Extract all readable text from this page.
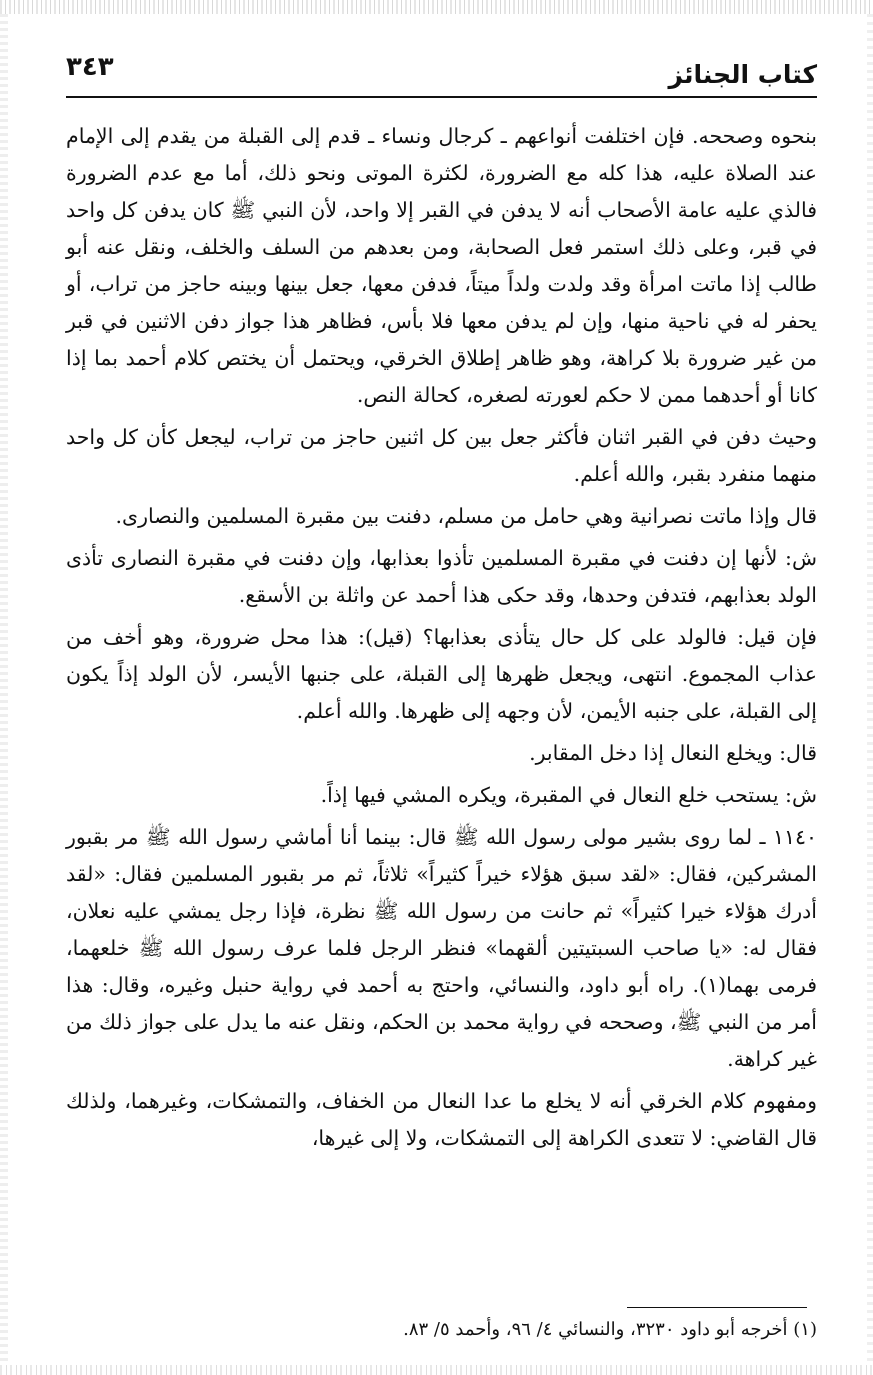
كتاب الجنائز
٣٤٣

بنحوه وصححه. فإن اختلفت أنواعهم ـ كرجال ونساء ـ قدم إلى القبلة من يقدم إلى الإمام عند الصلاة عليه، هذا كله مع الضرورة، لكثرة الموتى ونحو ذلك، أما مع عدم الضرورة فالذي عليه عامة الأصحاب أنه لا يدفن في القبر إلا واحد، لأن النبي ﷺ كان يدفن كل واحد في قبر، وعلى ذلك استمر فعل الصحابة، ومن بعدهم من السلف والخلف، ونقل عنه أبو طالب إذا ماتت امرأة وقد ولدت ولداً ميتاً، فدفن معها، جعل بينها وبينه حاجز من تراب، أو يحفر له في ناحية منها، وإن لم يدفن معها فلا بأس، فظاهر هذا جواز دفن الاثنين في قبر من غير ضرورة بلا كراهة، وهو ظاهر إطلاق الخرقي، ويحتمل أن يختص كلام أحمد بما إذا كانا أو أحدهما ممن لا حكم لعورته لصغره، كحالة النص.

وحيث دفن في القبر اثنان فأكثر جعل بين كل اثنين حاجز من تراب، ليجعل كأن كل واحد منهما منفرد بقبر، والله أعلم.

قال وإذا ماتت نصرانية وهي حامل من مسلم، دفنت بين مقبرة المسلمين والنصارى.

ش: لأنها إن دفنت في مقبرة المسلمين تأذوا بعذابها، وإن دفنت في مقبرة النصارى تأذى الولد بعذابهم، فتدفن وحدها، وقد حكى هذا أحمد عن واثلة بن الأسقع.

فإن قيل: فالولد على كل حال يتأذى بعذابها؟ (قيل): هذا محل ضرورة، وهو أخف من عذاب المجموع. انتهى، ويجعل ظهرها إلى القبلة، على جنبها الأيسر، لأن الولد إذاً يكون إلى القبلة، على جنبه الأيمن، لأن وجهه إلى ظهرها. والله أعلم.

قال: ويخلع النعال إذا دخل المقابر.

ش: يستحب خلع النعال في المقبرة، ويكره المشي فيها إذاً.

١١٤٠ ـ لما روى بشير مولى رسول الله ﷺ قال: بينما أنا أماشي رسول الله ﷺ مر بقبور المشركين، فقال: «لقد سبق هؤلاء خيراً كثيراً» ثلاثاً، ثم مر بقبور المسلمين فقال: «لقد أدرك هؤلاء خيرا كثيراً» ثم حانت من رسول الله ﷺ نظرة، فإذا رجل يمشي عليه نعلان، فقال له: «يا صاحب السبتيتين ألقهما» فنظر الرجل فلما عرف رسول الله ﷺ خلعهما، فرمى بهما(١). راه أبو داود، والنسائي، واحتج به أحمد في رواية حنبل وغيره، وقال: هذا أمر من النبي ﷺ، وصححه في رواية محمد بن الحكم، ونقل عنه ما يدل على جواز ذلك من غير كراهة.

ومفهوم كلام الخرقي أنه لا يخلع ما عدا النعال من الخفاف، والتمشكات، وغيرهما، ولذلك قال القاضي: لا تتعدى الكراهة إلى التمشكات، ولا إلى غيرها،

(١) أخرجه أبو داود ٣٢٣٠، والنسائي ٤/ ٩٦، وأحمد ٥/ ٨٣.
